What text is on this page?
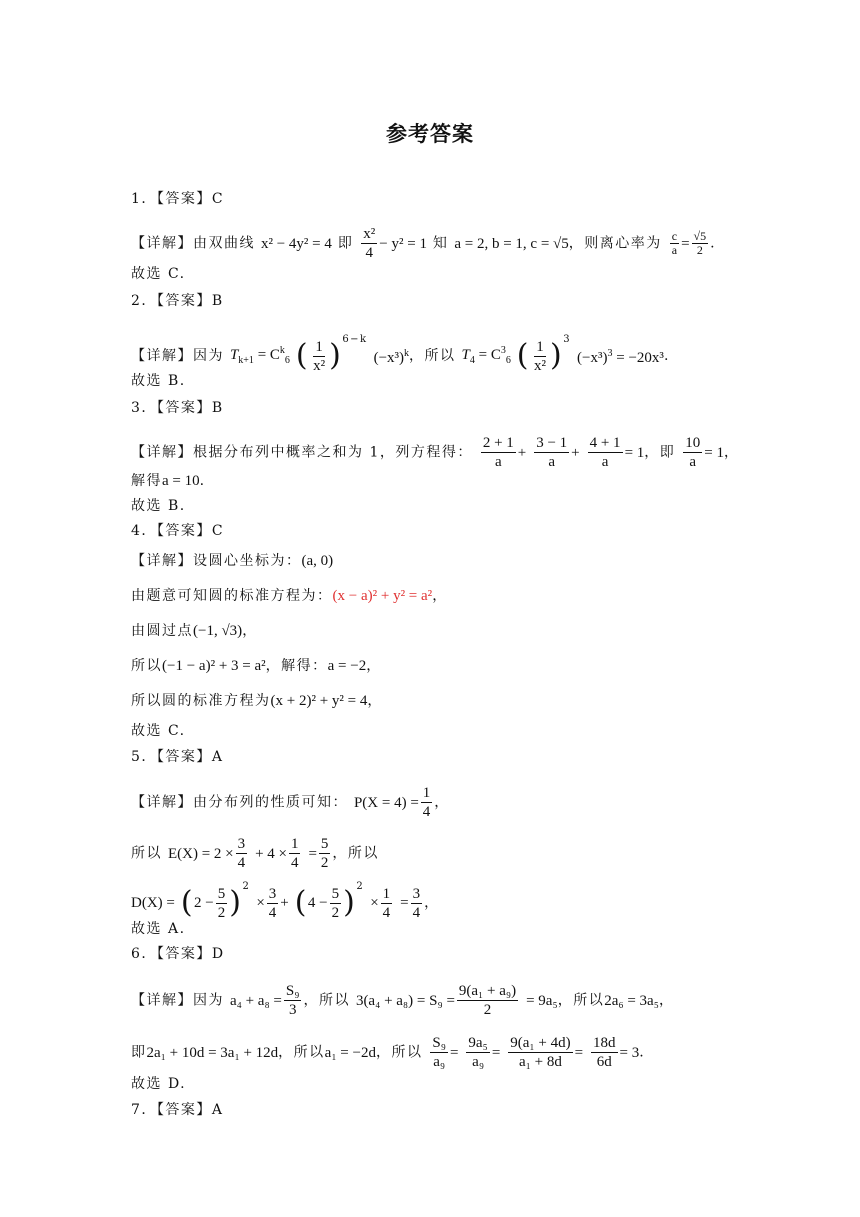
参考答案
1．【答案】C
【详解】由双曲线 x² − 4y² = 4 即 $\frac{\text{x²}}{4} - y^2 = 1$ 知 a = 2, b = 1, c = √5，则离心率为 $\frac{c}{a} = \frac{√5}{2}$ .
故选 C.
2．【答案】B
【详解】因为 $T_{k+1} = C^k_6$ ( $\frac{1}{\text{x²}} )^{6-k}$ $(-x^3)^k$，所以 $T_4 = C^3_6$ ( $\frac{1}{\text{x²}} )^3$ $(-x^3)^3 = -20x^3$.
故选 B.
3．【答案】B
【详解】根据分布列中概率之和为 1，列方程得： $\frac{2 + 1}{a} + \frac{3 - 1}{a} + \frac{4 + 1}{a} = 1$，即 $\frac{10}{a} = 1$，
解得a = 10.
故选 B.
4．【答案】C
【详解】设圆心坐标为：(a, 0)
由题意可知圆的标准方程为：(x − a)² + y² = a²，
由圆过点(−1, √3)，
所以(−1 − a)² + 3 = a²，解得：a = −2，
所以圆的标准方程为(x + 2)² + y² = 4，
故选 C.
5．【答案】A
【详解】由分布列的性质可知： $P(X = 4) = \frac{1}{4}$ ，
所以 $E(X) = 2 \times \frac{3}{4} + 4 \times \frac{1}{4} = \frac{5}{2}$ ，所以
$D(X) = (2 - \frac{5}{2} )^2 \times \frac{3}{4} + (4 - \frac{5}{2} )^2 \times \frac{1}{4} = \frac{3}{4}$ ，
故选 A.
6．【答案】D
【详解】因为 $a_4 + a_8 = \frac{\text{S₉}}{3}$ ，所以 $3(a_4 + a_8) = S_9 = \frac{\text{9(a₁ + a₉)}}{2} = 9a_5$，所以2a₆ = 3a₅，
即2a₁ + 10d = 3a₁ + 12d，所以a₁ = −2d，所以 $\frac{\text{S₉}}{\text{a₉}} = \frac{\text{9a₅}}{\text{a₉}} = \frac{\text{9(a₁ + 4d)}}{\text{a₁ + 8d}} = \frac{18d}{6d} = 3$.
故选 D.
7．【答案】A
